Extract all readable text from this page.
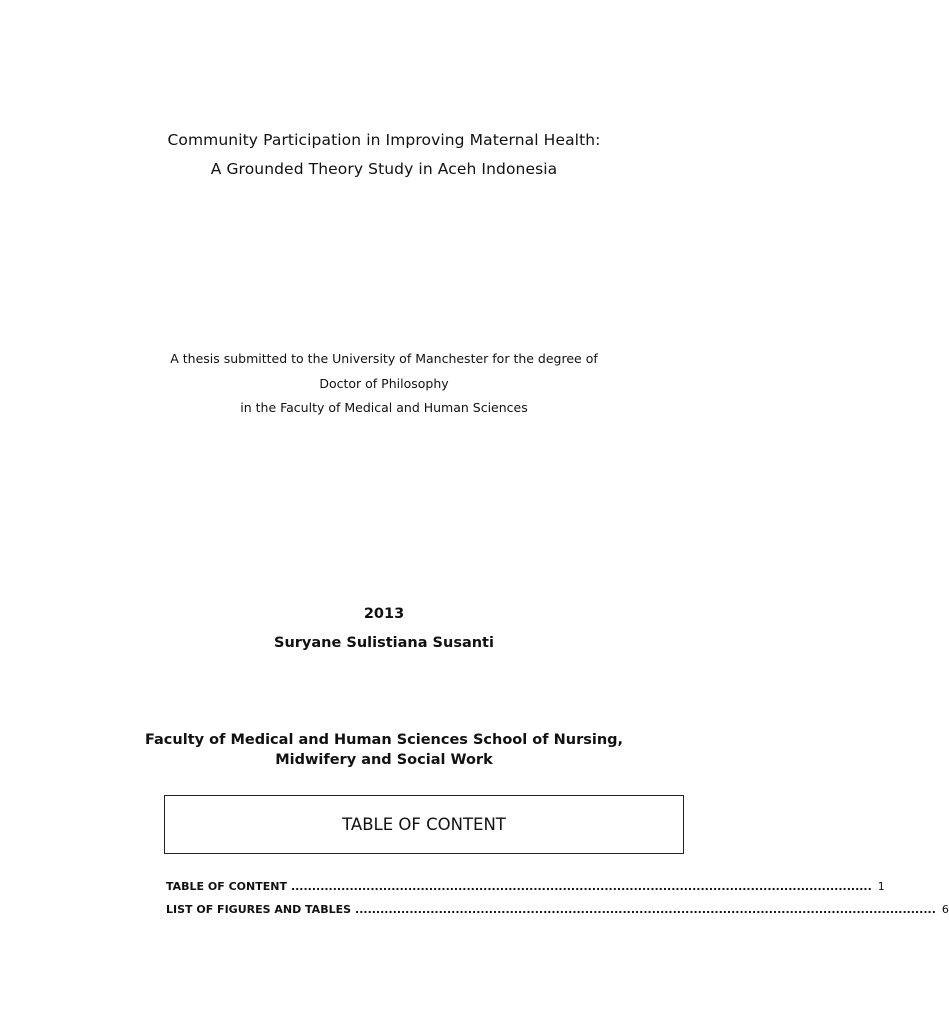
Community Participation in Improving Maternal Health:
A Grounded Theory Study in Aceh Indonesia
A thesis submitted to the University of Manchester for the degree of
Doctor of Philosophy
in the Faculty of Medical and Human Sciences
2013
Suryane Sulistiana Susanti
Faculty of Medical and Human Sciences School of Nursing,
Midwifery and Social Work
TABLE OF CONTENT
TABLE OF CONTENT ........................................................................................................................................... 1
LIST OF FIGURES AND TABLES ........................................................................................................................................... 6
